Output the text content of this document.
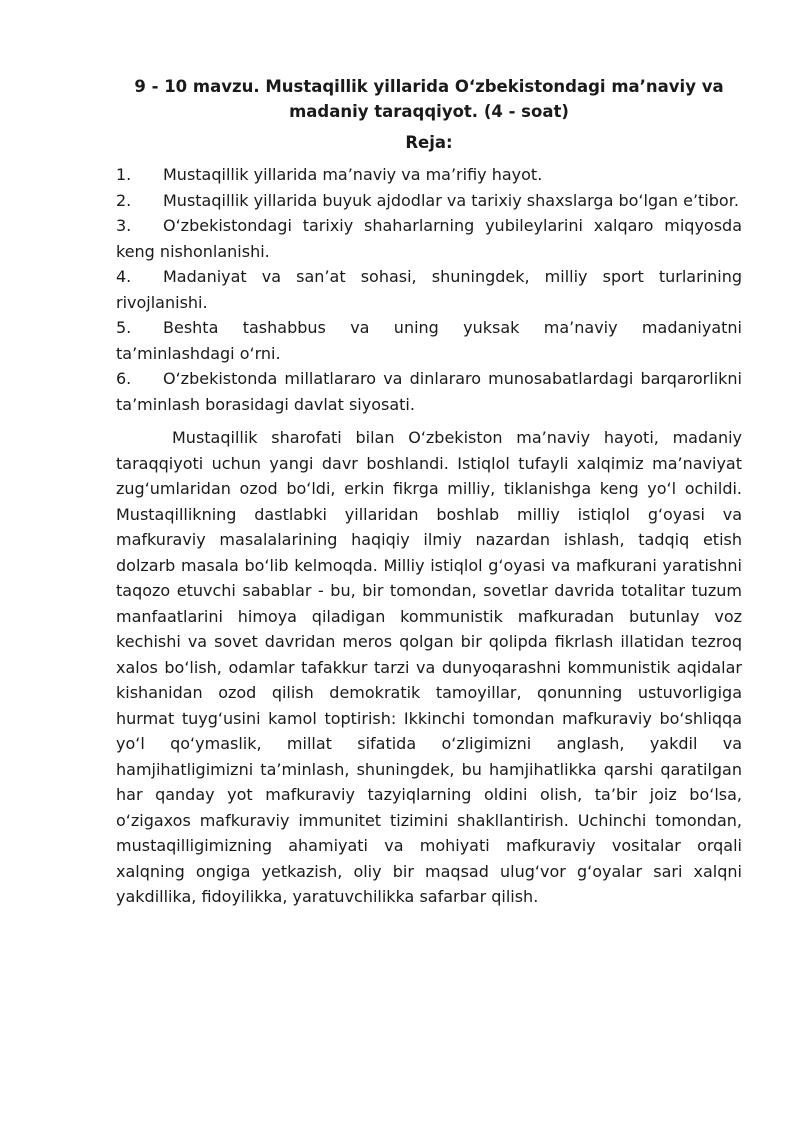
9 - 10 mavzu. Mustaqillik yillarida O‘zbekistondagi ma’naviy va madaniy taraqqiyot. (4 - soat)
Reja:
1. Mustaqillik yillarida ma’naviy va ma’rifiy hayot.
2. Mustaqillik yillarida buyuk ajdodlar va tarixiy shaxslarga bo‘lgan e’tibor.
3. O‘zbekistondagi tarixiy shaharlarning yubileylarini xalqaro miqyosda keng nishonlanishi.
4. Madaniyat va san’at sohasi, shuningdek, milliy sport turlarining rivojlanishi.
5. Beshta tashabbus va uning yuksak ma’naviy madaniyatni ta’minlashdagi o‘rni.
6. O‘zbekistonda millatlararo va dinlararo munosabatlardagi barqarorlikni ta’minlash borasidagi davlat siyosati.

Mustaqillik sharofati bilan O‘zbekiston ma’naviy hayoti, madaniy taraqqiyoti uchun yangi davr boshlandi. Istiqlol tufayli xalqimiz ma’naviyat zug‘umlaridan ozod bo‘ldi, erkin fikrga milliy, tiklanishga keng yo‘l ochildi. Mustaqillikning dastlabki yillaridan boshlab milliy istiqlol g‘oyasi va mafkuraviy masalalarining haqiqiy ilmiy nazardan ishlash, tadqiq etish dolzarb masala bo‘lib kelmoqda. Milliy istiqlol g‘oyasi va mafkurani yaratishni taqozo etuvchi sabablar - bu, bir tomondan, sovetlar davrida totalitar tuzum manfaatlarini himoya qiladigan kommunistik mafkuradan butunlay voz kechishi va sovet davridan meros qolgan bir qolipda fikrlash illatidan tezroq xalos bo‘lish, odamlar tafakkur tarzi va dunyoqarashni kommunistik aqidalar kishanidan ozod qilish demokratik tamoyillar, qonunning ustuvorligiga hurmat tuyg‘usini kamol toptirish: Ikkinchi tomondan mafkuraviy bo‘shliqqa yo‘l qo‘ymaslik, millat sifatida o‘zligimizni anglash, yakdil va hamjihatligimizni ta’minlash, shuningdek, bu hamjihatlikka qarshi qaratilgan har qanday yot mafkuraviy tazyiqlarning oldini olish, ta’bir joiz bo‘lsa, o‘zigaxos mafkuraviy immunitet tizimini shakllantirish. Uchinchi tomondan, mustaqilligimizning ahamiyati va mohiyati mafkuraviy vositalar orqali xalqning ongiga yetkazish, oliy bir maqsad ulug‘vor g‘oyalar sari xalqni yakdillika, fidoyilikka, yaratuvchilikka safarbar qilish.
